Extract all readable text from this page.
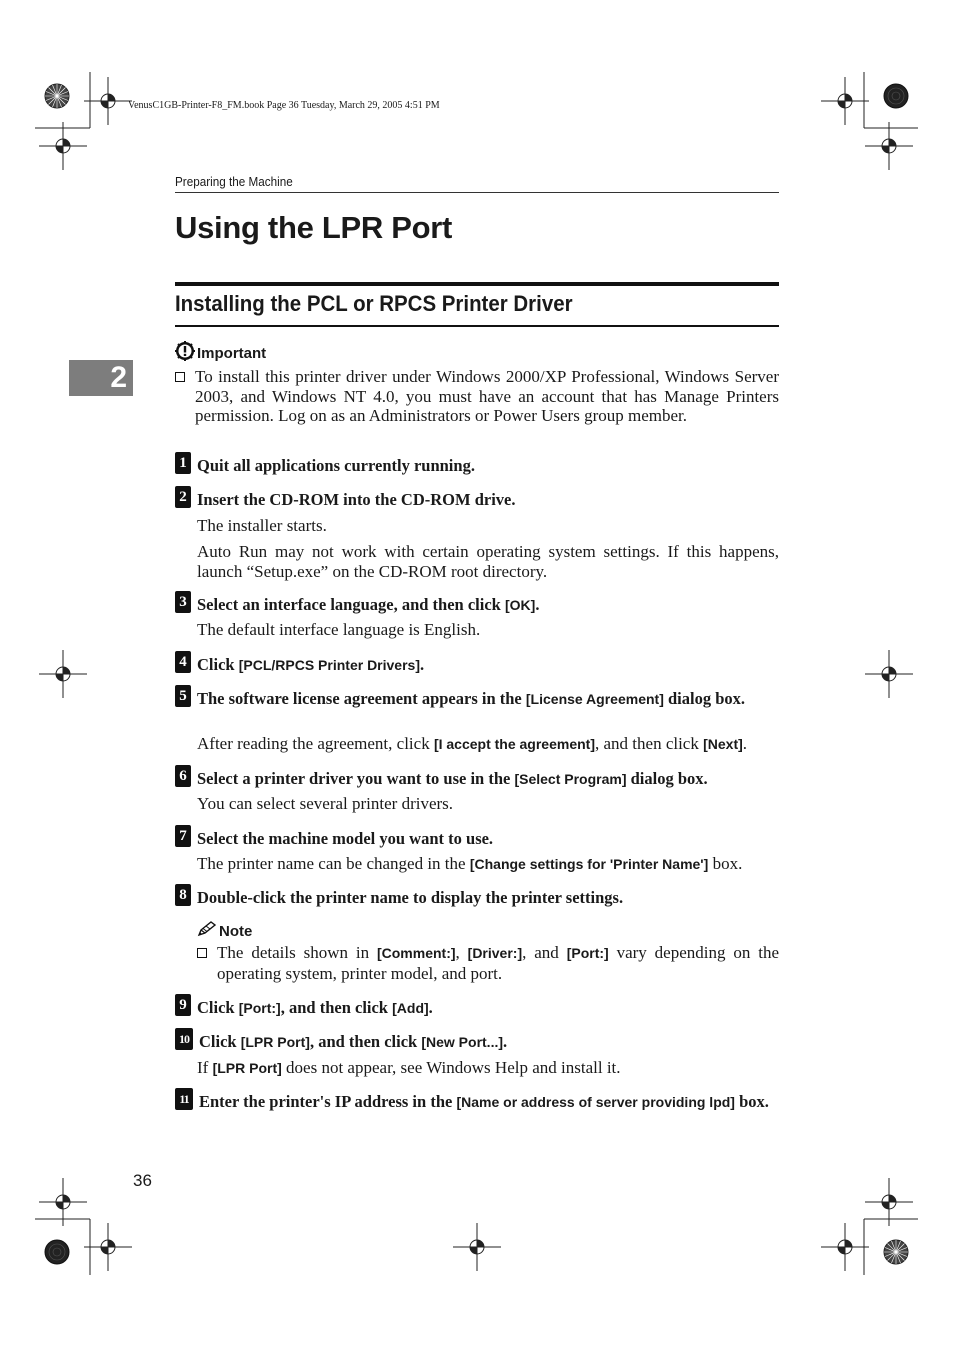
VenusC1GB-Printer-F8_FM.book Page 36 Tuesday, March 29, 2005 4:51 PM
Preparing the Machine
2
Using the LPR Port
Installing the PCL or RPCS Printer Driver
Important
To install this printer driver under Windows 2000/XP Professional, Windows Server 2003, and Windows NT 4.0, you must have an account that has Manage Printers permission. Log on as an Administrators or Power Users group member.
1 Quit all applications currently running.
2 Insert the CD-ROM into the CD-ROM drive.
The installer starts.
Auto Run may not work with certain operating system settings. If this happens, launch “Setup.exe” on the CD-ROM root directory.
3 Select an interface language, and then click [OK].
The default interface language is English.
4 Click [PCL/RPCS Printer Drivers].
5 The software license agreement appears in the [License Agreement] dialog box.
After reading the agreement, click [I accept the agreement], and then click [Next].
6 Select a printer driver you want to use in the [Select Program] dialog box.
You can select several printer drivers.
7 Select the machine model you want to use.
The printer name can be changed in the [Change settings for 'Printer Name'] box.
8 Double-click the printer name to display the printer settings.
Note
The details shown in [Comment:], [Driver:], and [Port:] vary depending on the operating system, printer model, and port.
9 Click [Port:], and then click [Add].
10 Click [LPR Port], and then click [New Port...].
If [LPR Port] does not appear, see Windows Help and install it.
11 Enter the printer's IP address in the [Name or address of server providing lpd] box.
36
